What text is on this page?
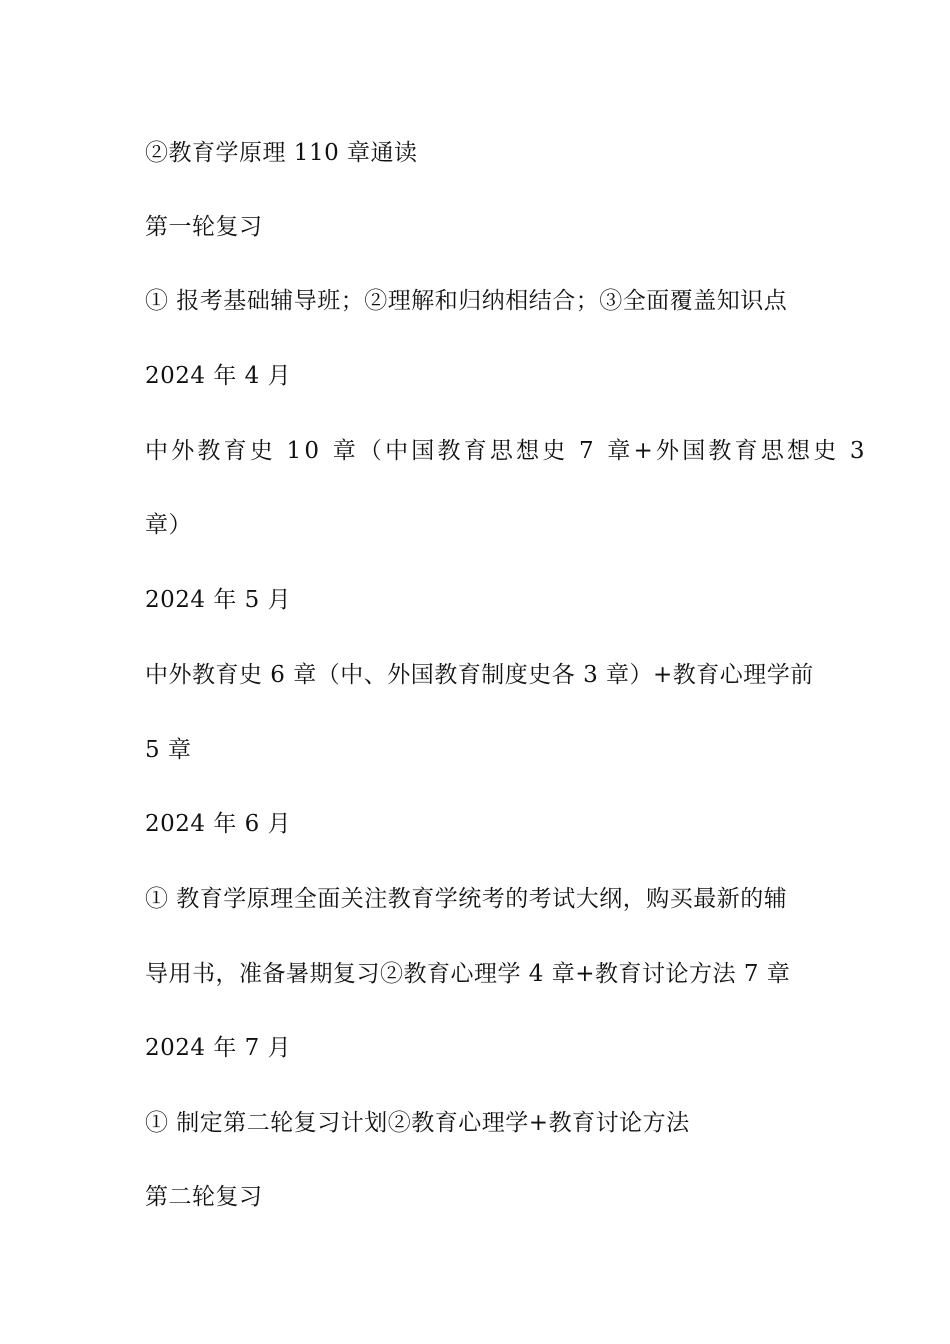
②教育学原理 110 章通读
第一轮复习
① 报考基础辅导班；②理解和归纳相结合；③全面覆盖知识点
2024 年 4 月
中外教育史 10 章（中国教育思想史 7 章+外国教育思想史 3
章）
2024 年 5 月
中外教育史 6 章（中、外国教育制度史各 3 章）+教育心理学前
5 章
2024 年 6 月
① 教育学原理全面关注教育学统考的考试大纲，购买最新的辅
导用书，准备暑期复习②教育心理学 4 章+教育讨论方法 7 章
2024 年 7 月
① 制定第二轮复习计划②教育心理学+教育讨论方法
第二轮复习
